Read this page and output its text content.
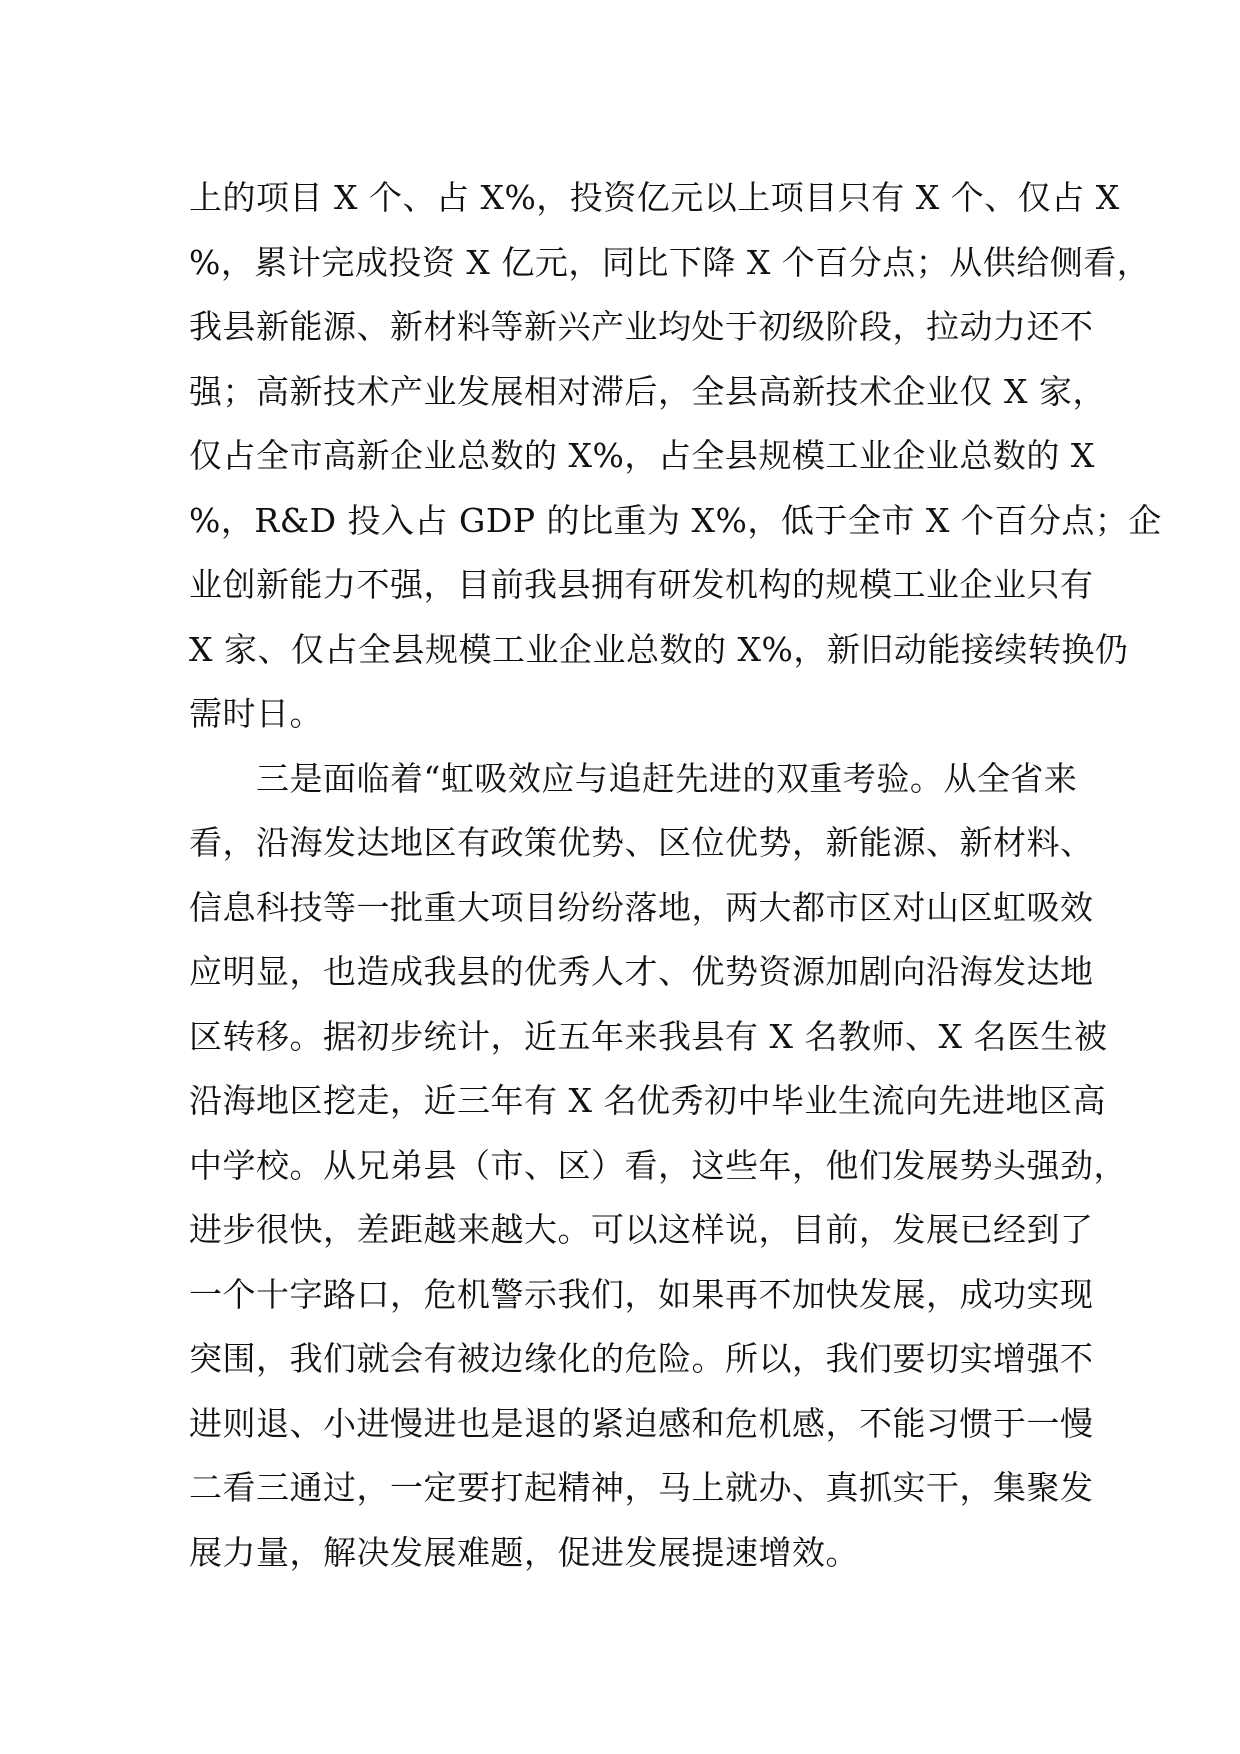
上的项目 X 个、占 X%，投资亿元以上项目只有 X 个、仅占 X
%，累计完成投资 X 亿元，同比下降 X 个百分点；从供给侧看，
我县新能源、新材料等新兴产业均处于初级阶段，拉动力还不
强；高新技术产业发展相对滞后，全县高新技术企业仅 X 家，
仅占全市高新企业总数的 X%，占全县规模工业企业总数的 X
%，R&D 投入占 GDP 的比重为 X%，低于全市 X 个百分点；企
业创新能力不强，目前我县拥有研发机构的规模工业企业只有
X 家、仅占全县规模工业企业总数的 X%，新旧动能接续转换仍
需时日。
　　三是面临着“虹吸效应与追赶先进的双重考验。从全省来
看，沿海发达地区有政策优势、区位优势，新能源、新材料、
信息科技等一批重大项目纷纷落地，两大都市区对山区虹吸效
应明显，也造成我县的优秀人才、优势资源加剧向沿海发达地
区转移。据初步统计，近五年来我县有 X 名教师、X 名医生被
沿海地区挖走，近三年有 X 名优秀初中毕业生流向先进地区高
中学校。从兄弟县（市、区）看，这些年，他们发展势头强劲，
进步很快，差距越来越大。可以这样说，目前，发展已经到了
一个十字路口，危机警示我们，如果再不加快发展，成功实现
突围，我们就会有被边缘化的危险。所以，我们要切实增强不
进则退、小进慢进也是退的紧迫感和危机感，不能习惯于一慢
二看三通过，一定要打起精神，马上就办、真抓实干，集聚发
展力量，解决发展难题，促进发展提速增效。
